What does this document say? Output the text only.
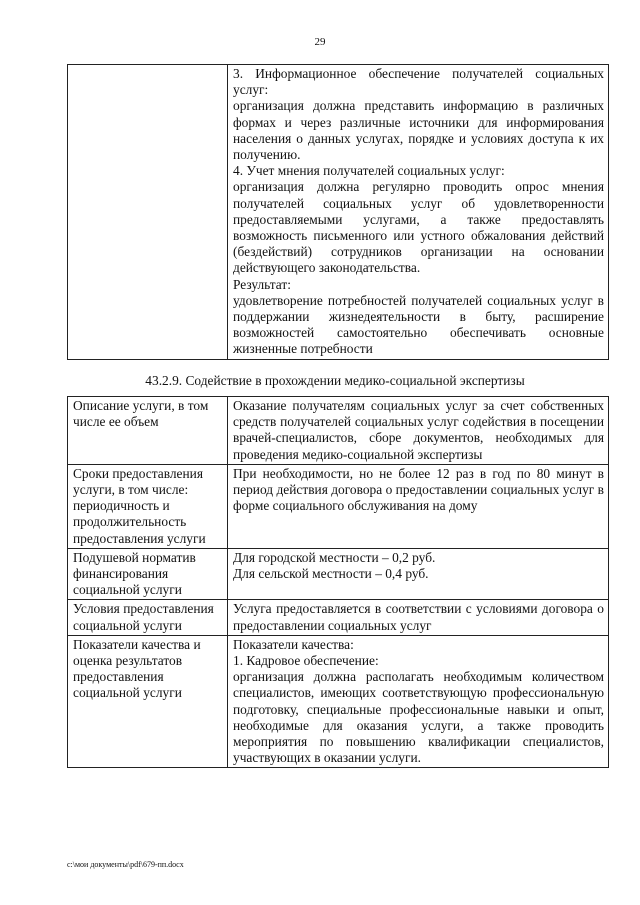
29

3. Информационное обеспечение получателей социальных услуг:

организация должна представить информацию в различных формах и через различные источники для информирования населения о данных услугах, порядке и условиях доступа к их получению.

4. Учет мнения получателей социальных услуг:

организация должна регулярно проводить опрос мнения получателей социальных услуг об удовлетворенности предоставляемыми услугами, а также предоставлять возможность письменного или устного обжалования действий (бездействий) сотрудников организации на основании действующего законодательства.

Результат:

удовлетворение потребностей получателей социальных услуг в поддержании жизнедеятельности в быту, расширение возможностей самостоятельно обеспечивать основные жизненные потребности

43.2.9. Содействие в прохождении медико-социальной экспертизы
Описание услуги, в том числе ее объем	Оказание получателям социальных услуг за счет собственных средств получателей социальных услуг содействия в посещении врачей-специалистов, сборе документов, необходимых для проведения медико-социальной экспертизы

Сроки предоставления услуги, в том числе: периодичность и продолжительность предоставления услуги	При необходимости, но не более 12 раз в год по 80 минут в период действия договора о предоставлении социальных услуг в форме социального обслуживания на дому

Подушевой норматив финансирования социальной услуги	Для городской местности – 0,2 руб.

Для сельской местности – 0,4 руб.

Условия предоставления социальной услуги	Услуга предоставляется в соответствии с условиями договора о предоставлении социальных услуг

Показатели качества и оценка результатов предоставления социальной услуги	Показатели качества:

1. Кадровое обеспечение:

организация должна располагать необходимым количеством специалистов, имеющих соответствующую профессиональную подготовку, специальные профессиональные навыки и опыт, необходимые для оказания услуги, а также проводить мероприятия по повышению квалификации специалистов, участвующих в оказании услуги.

c:\мои документы\pdf\679-пп.docx
